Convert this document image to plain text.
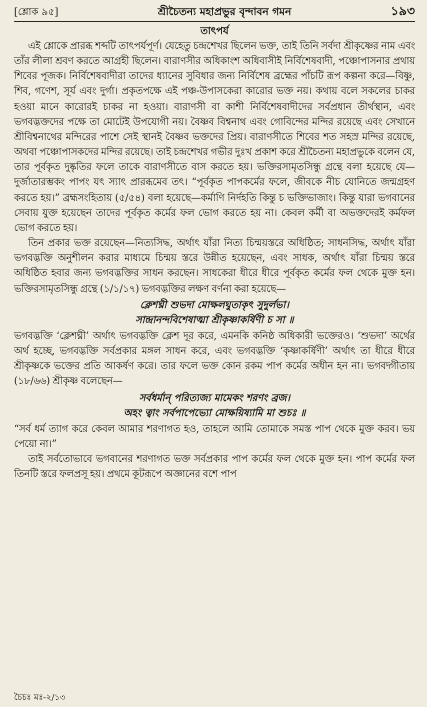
[শ্লোক ৯৫]	শ্রীচৈতন্য মহাপ্রভুর বৃন্দাবন গমন	১৯৩
তাৎপর্য

এই শ্লোকে প্রারব্ধ শব্দটি তাৎপর্যপূর্ণ। যেহেতু চন্দ্রশেখর ছিলেন ভক্ত, তাই তিনি সর্বদা শ্রীকৃষ্ণের নাম এবং তাঁর লীলা শ্রবণ করতে আগ্রহী ছিলেন। বারাণসীর অধিকাংশ অধিবাসীই নির্বিশেষবাদী, পঞ্চোপাসনার প্রথায় শিবের পূজক। নির্বিশেষবাদীরা তাদের ধ্যানের সুবিধার জন্য নির্বিশেষ ব্রহ্মের পাঁচটি রূপ কল্পনা করে—বিষ্ণু, শিব, গণেশ, সূর্য এবং দুর্গা। প্রকৃতপক্ষে এই পঞ্চ-উপাসকেরা কারোর ভক্ত নয়। কথায় বলে সকলের চাকর হওয়া মানে কারোরই চাকর না হওয়া। বারাণসী বা কাশী নির্বিশেষবাদীদের সর্বপ্রধান তীর্থস্থান, এবং ভগবদ্ভক্তদের পক্ষে তা মোটেই উপযোগী নয়। বৈষ্ণব বিশ্বনাথ এবং গোবিন্দের মন্দির রয়েছে এবং সেখানে শ্রীবিশ্বনাথের মন্দিরের পাশে সেই স্থানই বৈষ্ণব ভক্তদের প্রিয়। বারাণসীতে শিবের শত সহস্র মন্দির রয়েছে, অথবা পঞ্চোপাসকদের মন্দির রয়েছে। তাই চন্দ্রশেখর গভীর দুঃখ প্রকাশ করে শ্রীচৈতন্য মহাপ্রভুকে বলেন যে, তার পূর্বকৃত দুষ্কৃতির ফলে তাকে বারাণসীতে বাস করতে হয়। ভক্তিরসামৃতসিন্ধু গ্রন্থে বলা হয়েছে যে—দুর্জাতারম্ভকং পাপং যৎ স্যাৎ প্রারব্ধমেব তৎ। “পূর্বকৃত পাপকর্মের ফলে, জীবকে নীচ যোনিতে জন্মগ্রহণ করতে হয়।” ব্রহ্মসংহিতায় (৫/৫৪) বলা হয়েছে—কর্মাণি নির্দহতি কিন্তু চ ভক্তিভাজাং। কিন্তু যারা ভগবানের সেবায় যুক্ত হয়েছেন তাদের পূর্বকৃত কর্মের ফল ভোগ করতে হয় না। কেবল কর্মী বা অভক্তদেরই কর্মফল ভোগ করতে হয়।

তিন প্রকার ভক্ত রয়েছেন—নিত্যসিদ্ধ, অর্থাৎ যাঁরা নিত্য চিন্ময়স্তরে অধিষ্ঠিত; সাধনসিদ্ধ, অর্থাৎ যাঁরা ভগবদ্ভক্তি অনুশীলন করার মাধ্যমে চিন্ময় স্তরে উন্নীত হয়েছেন, এবং সাধক, অর্থাৎ যাঁরা চিন্ময় স্তরে অধিষ্ঠিত হবার জন্য ভগবদ্ভক্তির সাধন করছেন। সাধকেরা ধীরে ধীরে পূর্বকৃত কর্মের ফল থেকে মুক্ত হন। ভক্তিরসামৃতসিন্ধু গ্রন্থে (১/১/১৭) ভগবদ্ভক্তির লক্ষণ বর্ণনা করা হয়েছে—

ক্লেশঘ্নী শুভদা মোক্ষলঘুতাকৃৎ সুদুর্লভা।
সান্দ্রানন্দবিশেষাত্মা শ্রীকৃষ্ণাকর্ষিণী চ সা ॥

ভগবদ্ভক্তি ‘ক্লেশঘ্নী’ অর্থাৎ ভগবদ্ভক্তি ক্লেশ দূর করে, এমনকি কনিষ্ঠ অধিকারী ভক্তেরও। ‘শুভদা’ অর্থের অর্থ হচ্ছে, ভগবদ্ভক্তি সর্বপ্রকার মঙ্গল সাধন করে, এবং ভগবদ্ভক্তি ‘কৃষ্ণাকর্ষিণী’ অর্থাৎ তা ধীরে ধীরে শ্রীকৃষ্ণকে ভক্তের প্রতি আকর্ষণ করে। তার ফলে ভক্ত কোন রকম পাপ কর্মের অধীন হন না। ভগবদ্গীতায় (১৮/৬৬) শ্রীকৃষ্ণ বলেছেন—

সর্বধর্মান্ পরিত্যজ্য মামেকং শরণং ব্রজ।
অহং ত্বাং সর্বপাপেভ্যো মোক্ষয়িষ্যামি মা শুচঃ ॥

“সর্ব ধর্ম ত্যাগ করে কেবল আমার শরণাগত হও, তাহলে আমি তোমাকে সমস্ত পাপ থেকে মুক্ত করব। ভয় পেয়ো না।”

তাই সর্বতোভাবে ভগবানের শরণাগত ভক্ত সর্বপ্রকার পাপ কর্মের ফল থেকে মুক্ত হন। পাপ কর্মের ফল তিনটি স্তরে ফলপ্রসূ হয়। প্রথমে কূটরূপে অজ্ঞানের বশে পাপ

চৈচঃ মঃ-২/১৩
